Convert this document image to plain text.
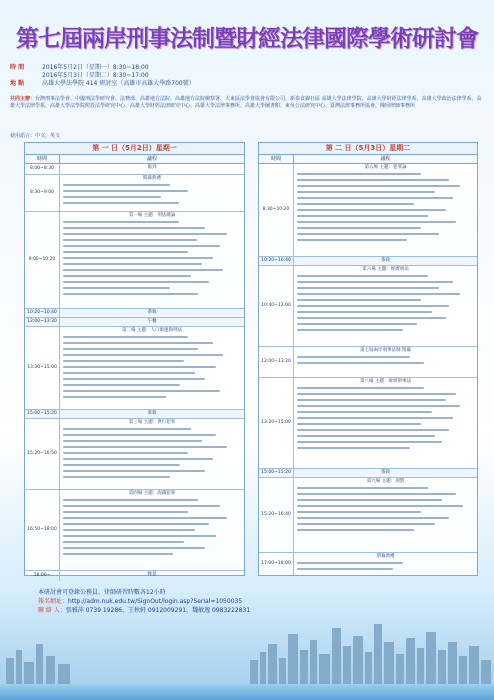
第七屆兩岸刑事法制暨財經法律國際學術研討會
時 間	2016年5月2日（星期一）8:30~18:00
2016年5月3日（星期二）8:30~17:00
地 點	高雄大學法學院 414 研討室（高雄市高雄大學路700號）
共同主辦：台灣刑事法學會、中國刑法學研究會、法務部、高雄地方法院、高雄地方法院檢察署、大東區法學會協會有限公司、新泰食錦社區 高雄大學法律學院、高雄大學財經法律學系、高雄大學政治法律學系、高雄大學法律學系、高雄大學法學院附設法學研究中心、高雄大學財經法律研究中心、高雄大學法律事務所、高雄大學圖書館、東吳公法研究中心、臺灣法律事務所協會、陳岡律師事務所
使用語言：中文、英文
第 一 日（5月2日）星期一
時間	議程
8:00~8:30	報到
8:30~9:00
開幕典禮
9:00~10:20
第一場 主題：刑法總論
10:20~10:40	茶敘
12:00~13:30	午餐
13:30~15:00
第二場 主題：人口販運與刑法
15:00~15:20	茶敘
15:20~16:50
第三場 主題：貪污犯罪
16:50~18:00
第四場 主題：洗錢犯罪
18:00~	晚宴
第 二 日（5月3日）星期二
時間	議程
8:30~10:20
第五場 主題：犯罪論
10:20~10:40	茶敘
10:40~12:00
第六場 主題：經濟刑法
12:00~13:20
第七屆兩岸刑事法制 閉幕
13:20~15:00
第八場 主題：財經刑事法
15:00~15:20	茶敘
15:20~16:40
第九場 主題：刑罰
17:00~18:00
閉幕典禮
本研討會可登錄公務員、律師研習時數各12小時
報名網址：http://adm.nuk.edu.tw/SignOut/login.asp?Serial=1050035
聯 絡 人：張雅萍 0739 19286、王秋軒 0912009291、魏敏逸 0983222831
